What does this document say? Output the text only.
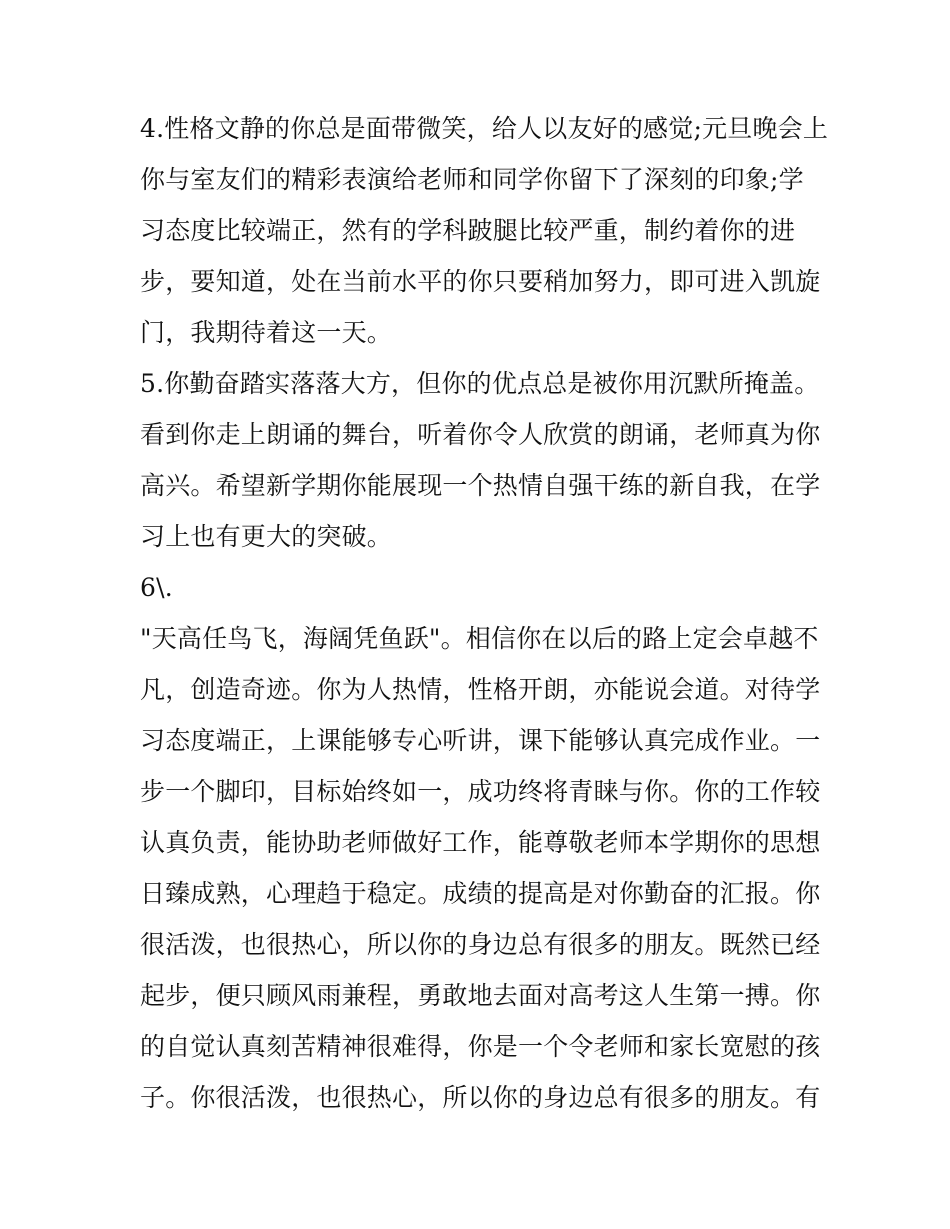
4.性格文静的你总是面带微笑，给人以友好的感觉;元旦晚会上
你与室友们的精彩表演给老师和同学你留下了深刻的印象;学
习态度比较端正，然有的学科跛腿比较严重，制约着你的进
步，要知道，处在当前水平的你只要稍加努力，即可进入凯旋
门，我期待着这一天。
5.你勤奋踏实落落大方，但你的优点总是被你用沉默所掩盖。
看到你走上朗诵的舞台，听着你令人欣赏的朗诵，老师真为你
高兴。希望新学期你能展现一个热情自强干练的新自我，在学
习上也有更大的突破。
6\.
"天高任鸟飞，海阔凭鱼跃"。相信你在以后的路上定会卓越不
凡，创造奇迹。你为人热情，性格开朗，亦能说会道。对待学
习态度端正，上课能够专心听讲，课下能够认真完成作业。一
步一个脚印，目标始终如一，成功终将青睐与你。你的工作较
认真负责，能协助老师做好工作，能尊敬老师本学期你的思想
日臻成熟，心理趋于稳定。成绩的提高是对你勤奋的汇报。你
很活泼，也很热心，所以你的身边总有很多的朋友。既然已经
起步，便只顾风雨兼程，勇敢地去面对高考这人生第一搏。你
的自觉认真刻苦精神很难得，你是一个令老师和家长宽慰的孩
子。你很活泼，也很热心，所以你的身边总有很多的朋友。有
